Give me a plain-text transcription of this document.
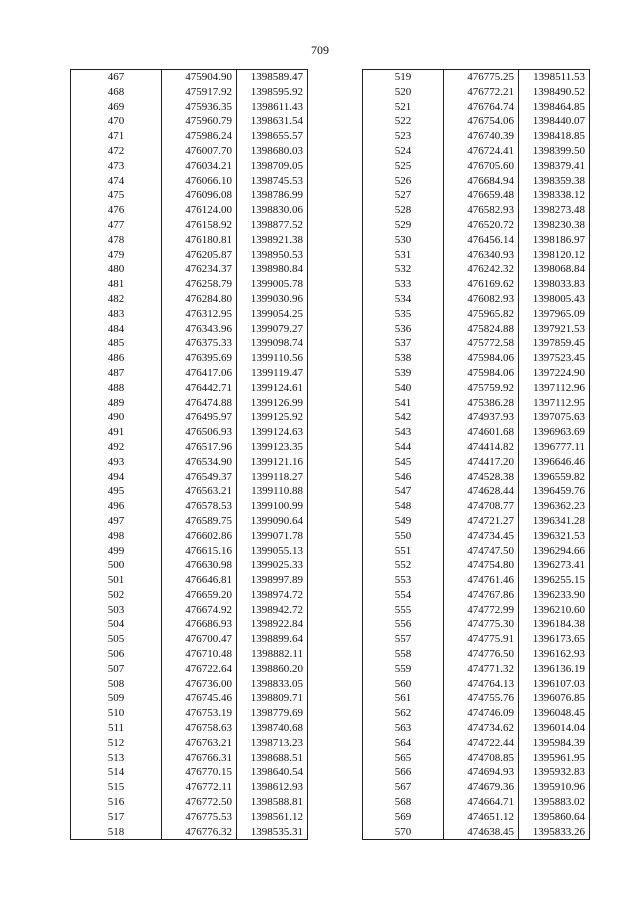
709
467	475904.90	1398589.47
468	475917.92	1398595.92
469	475936.35	1398611.43
470	475960.79	1398631.54
471	475986.24	1398655.57
472	476007.70	1398680.03
473	476034.21	1398709.05
474	476066.10	1398745.53
475	476096.08	1398786.99
476	476124.00	1398830.06
477	476158.92	1398877.52
478	476180.81	1398921.38
479	476205.87	1398950.53
480	476234.37	1398980.84
481	476258.79	1399005.78
482	476284.80	1399030.96
483	476312.95	1399054.25
484	476343.96	1399079.27
485	476375.33	1399098.74
486	476395.69	1399110.56
487	476417.06	1399119.47
488	476442.71	1399124.61
489	476474.88	1399126.99
490	476495.97	1399125.92
491	476506.93	1399124.63
492	476517.96	1399123.35
493	476534.90	1399121.16
494	476549.37	1399118.27
495	476563.21	1399110.88
496	476578.53	1399100.99
497	476589.75	1399090.64
498	476602.86	1399071.78
499	476615.16	1399055.13
500	476630.98	1399025.33
501	476646.81	1398997.89
502	476659.20	1398974.72
503	476674.92	1398942.72
504	476686.93	1398922.84
505	476700.47	1398899.64
506	476710.48	1398882.11
507	476722.64	1398860.20
508	476736.00	1398833.05
509	476745.46	1398809.71
510	476753.19	1398779.69
511	476758.63	1398740.68
512	476763.21	1398713.23
513	476766.31	1398688.51
514	476770.15	1398640.54
515	476772.11	1398612.93
516	476772.50	1398588.81
517	476775.53	1398561.12
518	476776.32	1398535.31
519	476775.25	1398511.53
520	476772.21	1398490.52
521	476764.74	1398464.85
522	476754.06	1398440.07
523	476740.39	1398418.85
524	476724.41	1398399.50
525	476705.60	1398379.41
526	476684.94	1398359.38
527	476659.48	1398338.12
528	476582.93	1398273.48
529	476520.72	1398230.38
530	476456.14	1398186.97
531	476340.93	1398120.12
532	476242.32	1398068.84
533	476169.62	1398033.83
534	476082.93	1398005.43
535	475965.82	1397965.09
536	475824.88	1397921.53
537	475772.58	1397859.45
538	475984.06	1397523.45
539	475984.06	1397224.90
540	475759.92	1397112.96
541	475386.28	1397112.95
542	474937.93	1397075.63
543	474601.68	1396963.69
544	474414.82	1396777.11
545	474417.20	1396646.46
546	474528.38	1396559.82
547	474628.44	1396459.76
548	474708.77	1396362.23
549	474721.27	1396341.28
550	474734.45	1396321.53
551	474747.50	1396294.66
552	474754.80	1396273.41
553	474761.46	1396255.15
554	474767.86	1396233.90
555	474772.99	1396210.60
556	474775.30	1396184.38
557	474775.91	1396173.65
558	474776.50	1396162.93
559	474771.32	1396136.19
560	474764.13	1396107.03
561	474755.76	1396076.85
562	474746.09	1396048.45
563	474734.62	1396014.04
564	474722.44	1395984.39
565	474708.85	1395961.95
566	474694.93	1395932.83
567	474679.36	1395910.96
568	474664.71	1395883.02
569	474651.12	1395860.64
570	474638.45	1395833.26
